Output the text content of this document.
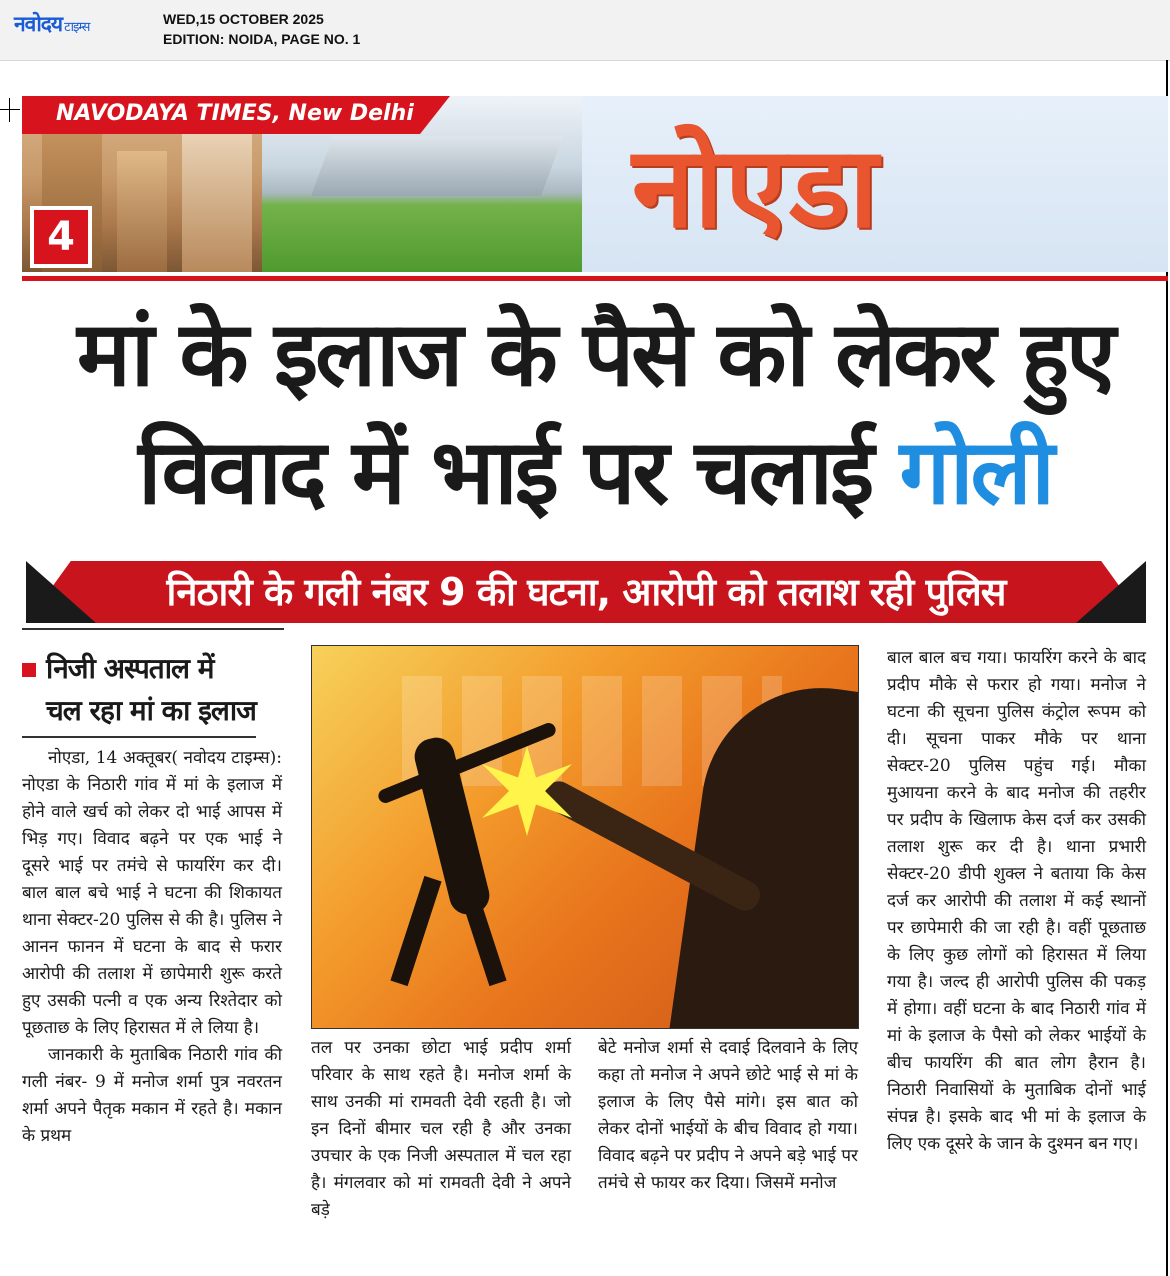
नवोदय टाइम्स
WED,15 OCTOBER 2025
EDITION: NOIDA, PAGE NO. 1
नोएडा
NAVODAYA TIMES, New Delhi
4
मां के इलाज के पैसे को लेकर हुए
विवाद में भाई पर चलाई गोली
निठारी के गली नंबर 9 की घटना, आरोपी को तलाश रही पुलिस
निजी अस्पताल में
चल रहा मां का इलाज

नोएडा, 14 अक्तूबर( नवोदय टाइम्स): नोएडा के निठारी गांव में मां के इलाज में होने वाले खर्च को लेकर दो भाई आपस में भिड़ गए। विवाद बढ़ने पर एक भाई ने दूसरे भाई पर तमंचे से फायरिंग कर दी। बाल बाल बचे भाई ने घटना की शिकायत थाना सेक्टर-20 पुलिस से की है। पुलिस ने आनन फानन में घटना के बाद से फरार आरोपी की तलाश में छापेमारी शुरू करते हुए उसकी पत्नी व एक अन्य रिश्तेदार को पूछताछ के लिए हिरासत में ले लिया है।

जानकारी के मुताबिक निठारी गांव की गली नंबर- 9 में मनोज शर्मा पुत्र नवरतन शर्मा अपने पैतृक मकान में रहते है। मकान के प्रथम

तल पर उनका छोटा भाई प्रदीप शर्मा परिवार के साथ रहते है। मनोज शर्मा के साथ उनकी मां रामवती देवी रहती है। जो इन दिनों बीमार चल रही है और उनका उपचार के एक निजी अस्पताल में चल रहा है। मंगलवार को मां रामवती देवी ने अपने बड़े

बेटे मनोज शर्मा से दवाई दिलवाने के लिए कहा तो मनोज ने अपने छोटे भाई से मां के इलाज के लिए पैसे मांगे। इस बात को लेकर दोनों भाईयों के बीच विवाद हो गया। विवाद बढ़ने पर प्रदीप ने अपने बड़े भाई पर तमंचे से फायर कर दिया। जिसमें मनोज

बाल बाल बच गया। फायरिंग करने के बाद प्रदीप मौके से फरार हो गया। मनोज ने घटना की सूचना पुलिस कंट्रोल रूपम को दी। सूचना पाकर मौके पर थाना सेक्टर-20 पुलिस पहुंच गई। मौका मुआयना करने के बाद मनोज की तहरीर पर प्रदीप के खिलाफ केस दर्ज कर उसकी तलाश शुरू कर दी है। थाना प्रभारी सेक्टर-20 डीपी शुक्ल ने बताया कि केस दर्ज कर आरोपी की तलाश में कई स्थानों पर छापेमारी की जा रही है। वहीं पूछताछ के लिए कुछ लोगों को हिरासत में लिया गया है। जल्द ही आरोपी पुलिस की पकड़ में होगा। वहीं घटना के बाद निठारी गांव में मां के इलाज के पैसो को लेकर भाईयों के बीच फायरिंग की बात लोग हैरान है। निठारी निवासियों के मुताबिक दोनों भाई संपन्न है। इसके बाद भी मां के इलाज के लिए एक दूसरे के जान के दुश्मन बन गए।
